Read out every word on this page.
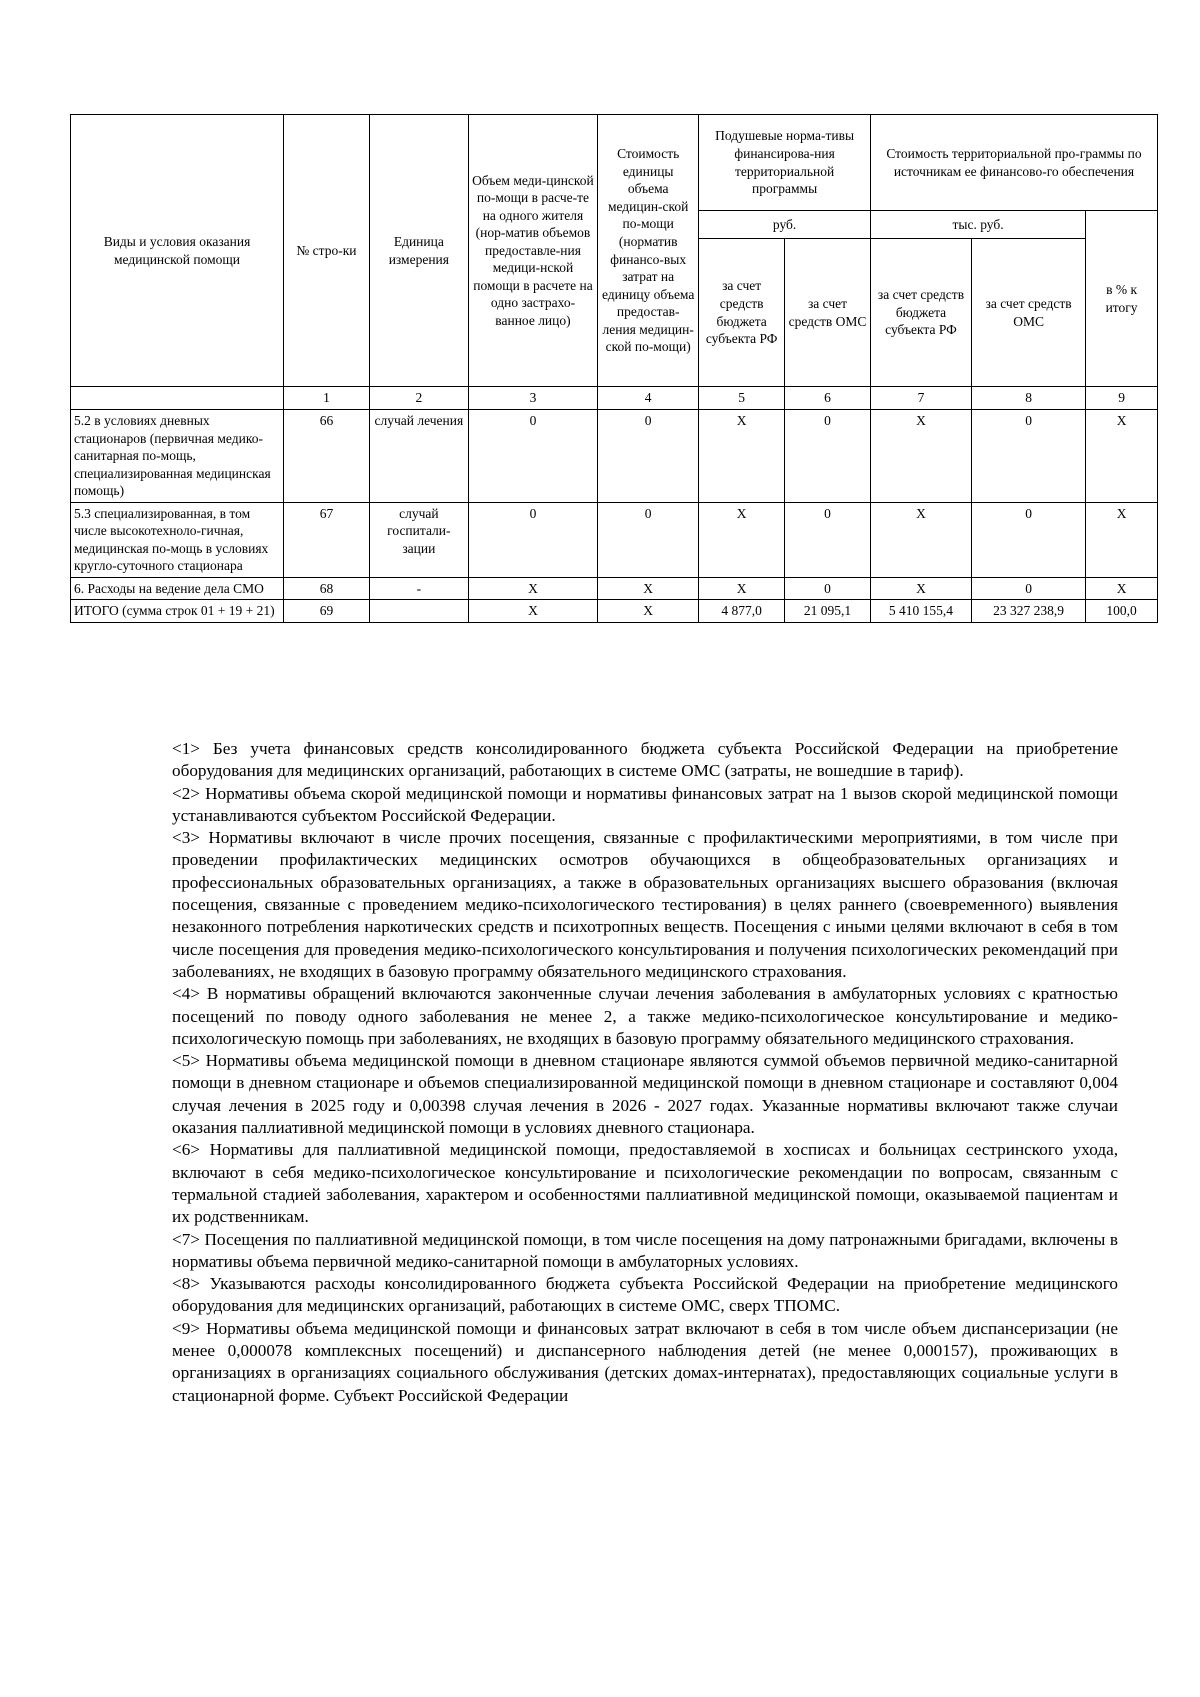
Виды и условия оказания медицинской помощи	№ стро-ки	Единица измерения	Объем меди-цинской по-мощи в расче-те на одного жителя (нор-матив объемов предоставле-ния медици-нской помощи в расчете на одно застрахо-ванное лицо)	Стоимость единицы объема медицин-ской по-мощи (норматив финансо-вых затрат на единицу объема предостав-ления медицин-ской по-мощи)	Подушевые норма-тивы финансирова-ния территориальной программы		Стоимость территориальной про-граммы по источникам ее финансово-го обеспечения		
					руб.		тыс. руб.		в % к итогу
					за счет средств бюджета субъекта РФ	за счет средств ОМС	за счет средств бюджета субъекта РФ	за счет средств ОМС	
	1	2	3	4	5	6	7	8	9
5.2 в условиях дневных стационаров (первичная медико-санитарная по-мощь, специализированная медицинская помощь)	66	случай лечения	0	0	X	0	X	0	X
5.3 специализированная, в том числе высокотехноло-гичная, медицинская по-мощь в условиях кругло-суточного стационара	67	случай госпитали-зации	0	0	X	0	X	0	X
6. Расходы на ведение дела СМО	68	-	X	X	X	0	X	0	X
ИТОГО (сумма строк 01 + 19 + 21)	69		X	X	4 877,0	21 095,1	5 410 155,4	23 327 238,9	100,0

<1> Без учета финансовых средств консолидированного бюджета субъекта Российской Федерации на приобретение оборудования для медицинских организаций, работающих в системе ОМС (затраты, не вошедшие в тариф).

<2> Нормативы объема скорой медицинской помощи и нормативы финансовых затрат на 1 вызов скорой медицинской помощи устанавливаются субъектом Российской Федерации.

<3> Нормативы включают в числе прочих посещения, связанные с профилактическими мероприятиями, в том числе при проведении профилактических медицинских осмотров обучающихся в общеобразовательных организациях и профессиональных образовательных организациях, а также в образовательных организациях высшего образования (включая посещения, связанные с проведением медико-психологического тестирования) в целях раннего (своевременного) выявления незаконного потребления наркотических средств и психотропных веществ. Посещения с иными целями включают в себя в том числе посещения для проведения медико-психологического консультирования и получения психологических рекомендаций при заболеваниях, не входящих в базовую программу обязательного медицинского страхования.

<4> В нормативы обращений включаются законченные случаи лечения заболевания в амбулаторных условиях с кратностью посещений по поводу одного заболевания не менее 2, а также медико-психологическое консультирование и медико-психологическую помощь при заболеваниях, не входящих в базовую программу обязательного медицинского страхования.

<5> Нормативы объема медицинской помощи в дневном стационаре являются суммой объемов первичной медико-санитарной помощи в дневном стационаре и объемов специализированной медицинской помощи в дневном стационаре и составляют 0,004 случая лечения в 2025 году и 0,00398 случая лечения в 2026 - 2027 годах. Указанные нормативы включают также случаи оказания паллиативной медицинской помощи в условиях дневного стационара.

<6> Нормативы для паллиативной медицинской помощи, предоставляемой в хосписах и больницах сестринского ухода, включают в себя медико-психологическое консультирование и психологические рекомендации по вопросам, связанным с термальной стадией заболевания, характером и особенностями паллиативной медицинской помощи, оказываемой пациентам и их родственникам.

<7> Посещения по паллиативной медицинской помощи, в том числе посещения на дому патронажными бригадами, включены в нормативы объема первичной медико-санитарной помощи в амбулаторных условиях.

<8> Указываются расходы консолидированного бюджета субъекта Российской Федерации на приобретение медицинского оборудования для медицинских организаций, работающих в системе ОМС, сверх ТПОМС.

<9> Нормативы объема медицинской помощи и финансовых затрат включают в себя в том числе объем диспансеризации (не менее 0,000078 комплексных посещений) и диспансерного наблюдения детей (не менее 0,000157), проживающих в организациях в организациях социального обслуживания (детских домах-интернатах), предоставляющих социальные услуги в стационарной форме. Субъект Российской Федерации
